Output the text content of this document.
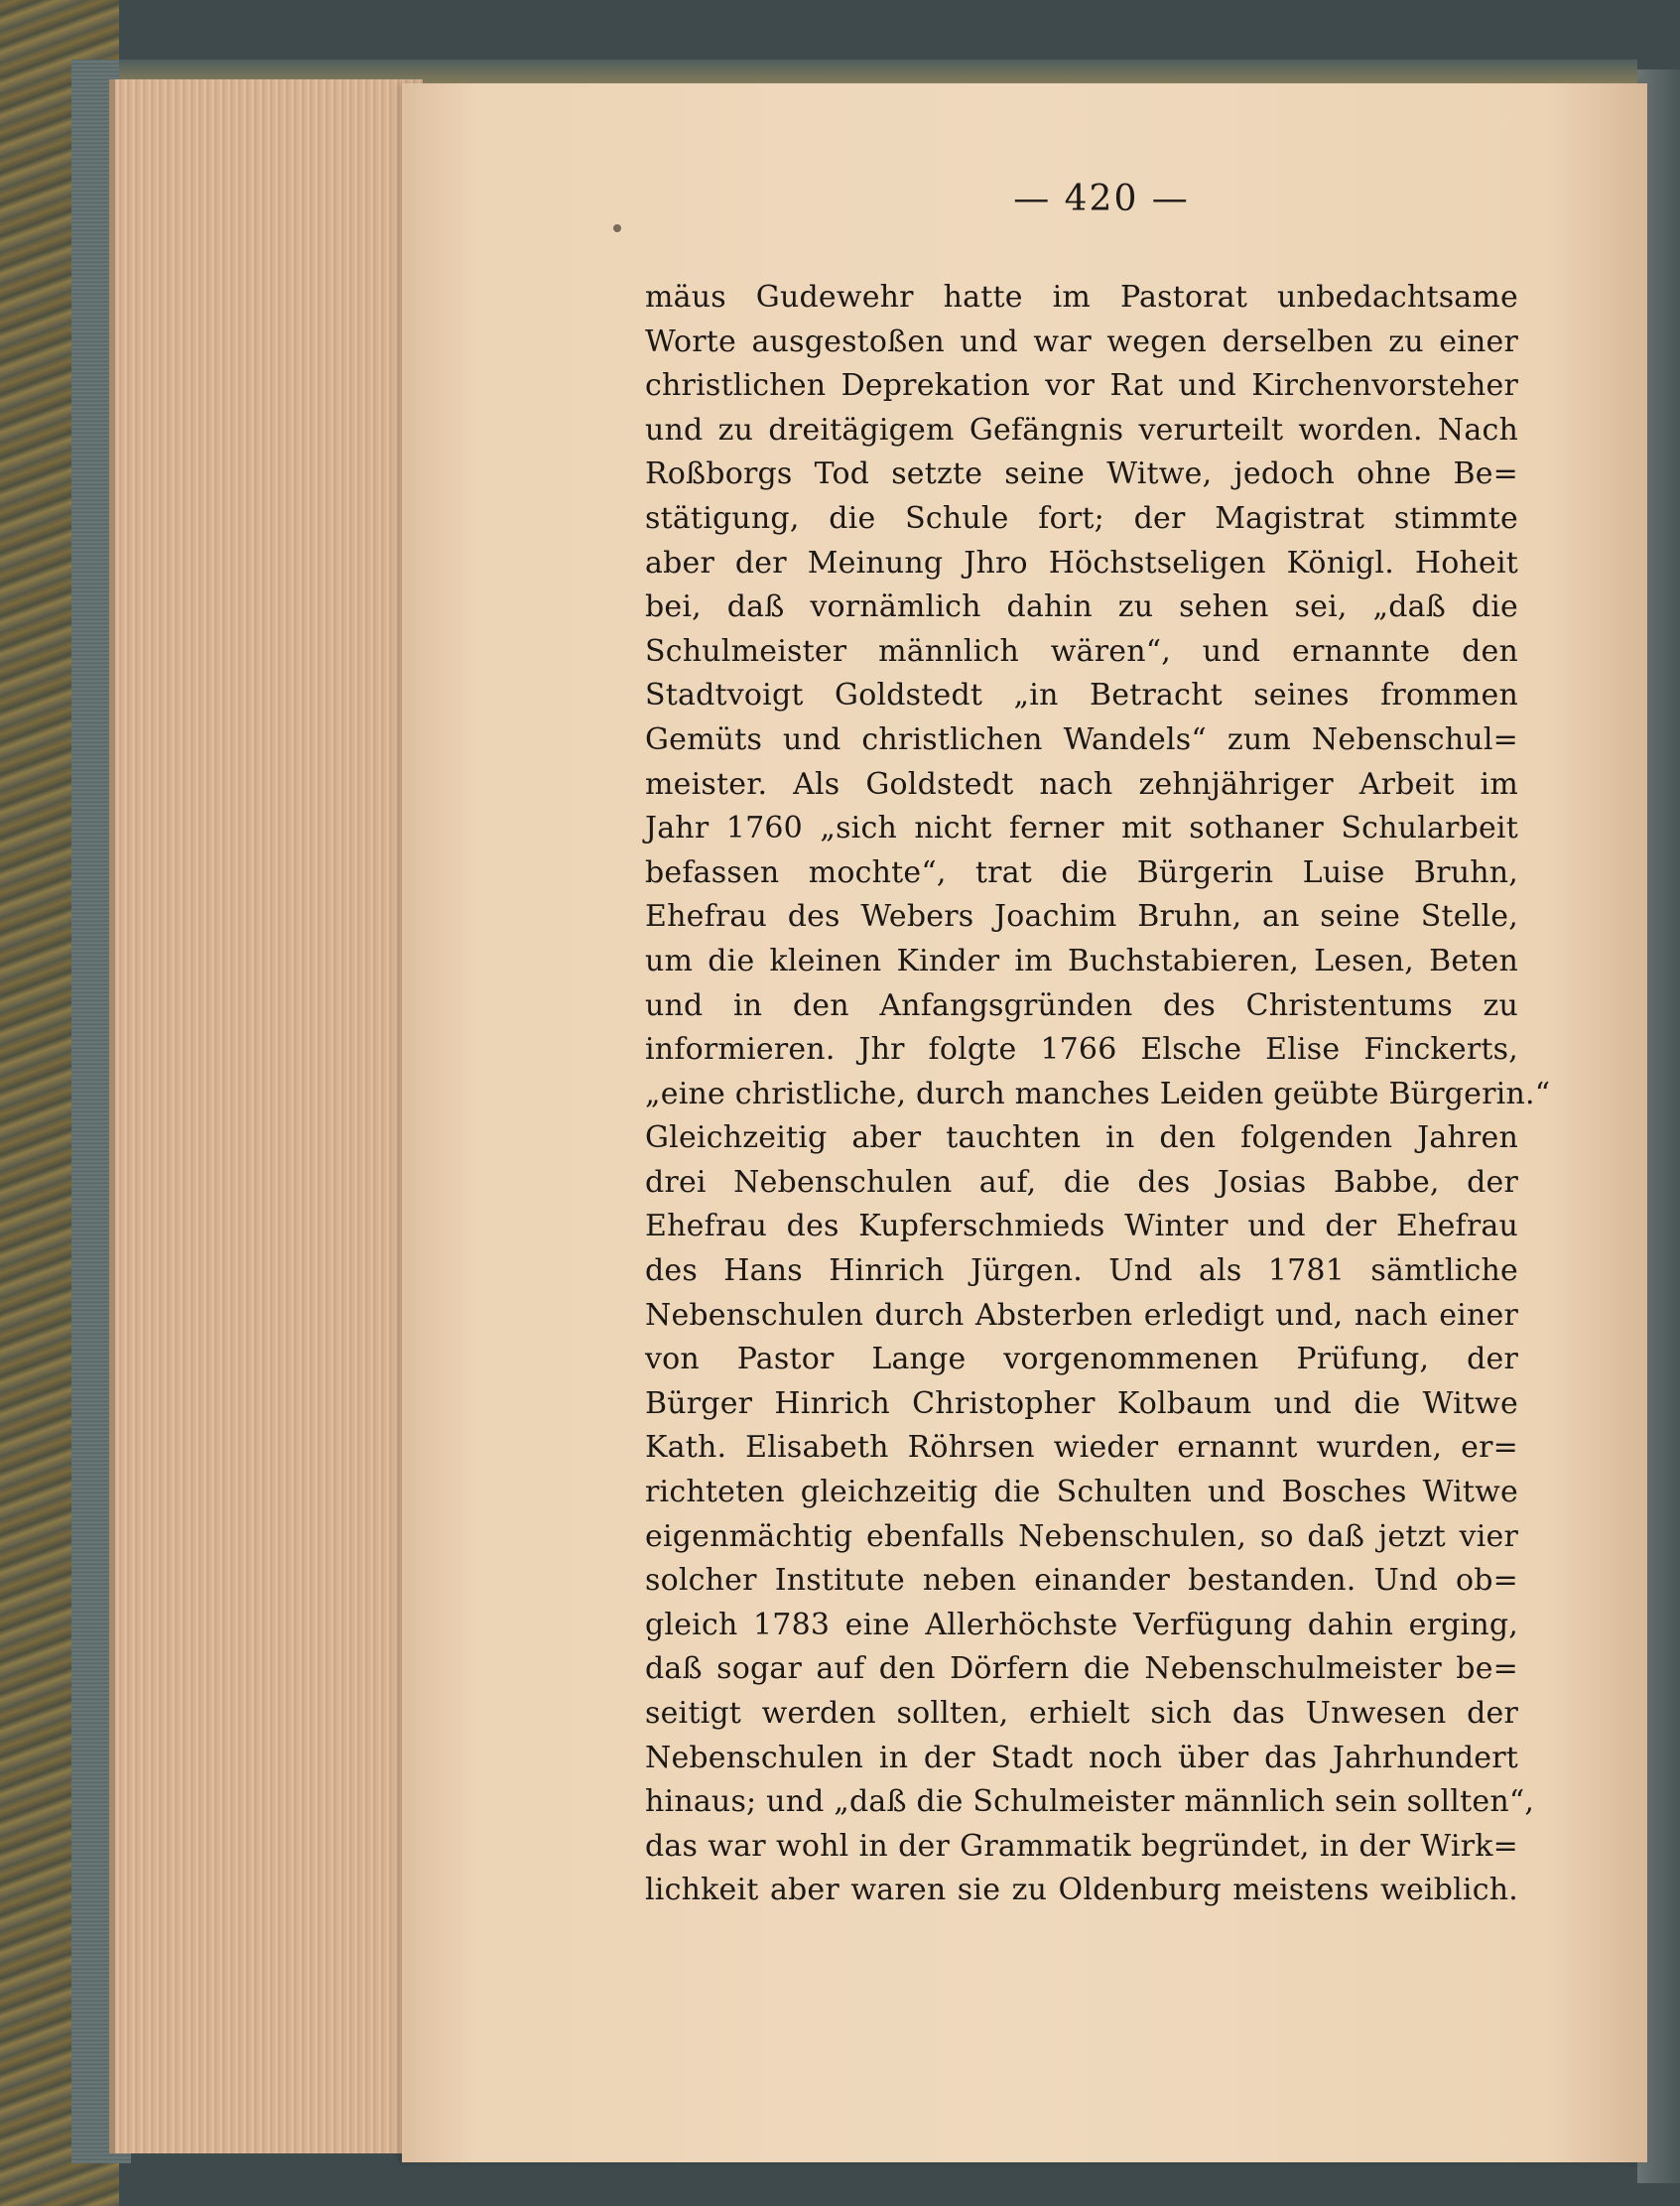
— 420 —
mäus Gudewehr hatte im Pastorat unbedachtsame
Worte ausgestoßen und war wegen derselben zu einer
christlichen Deprekation vor Rat und Kirchenvorsteher
und zu dreitägigem Gefängnis verurteilt worden. Nach
Roßborgs Tod setzte seine Witwe, jedoch ohne Be=
stätigung, die Schule fort; der Magistrat stimmte
aber der Meinung Jhro Höchstseligen Königl. Hoheit
bei, daß vornämlich dahin zu sehen sei, „daß die
Schulmeister männlich wären“, und ernannte den
Stadtvoigt Goldstedt „in Betracht seines frommen
Gemüts und christlichen Wandels“ zum Nebenschul=
meister. Als Goldstedt nach zehnjähriger Arbeit im
Jahr 1760 „sich nicht ferner mit sothaner Schularbeit
befassen mochte“, trat die Bürgerin Luise Bruhn,
Ehefrau des Webers Joachim Bruhn, an seine Stelle,
um die kleinen Kinder im Buchstabieren, Lesen, Beten
und in den Anfangsgründen des Christentums zu
informieren. Jhr folgte 1766 Elsche Elise Finckerts,
„eine christliche, durch manches Leiden geübte Bürgerin.“
Gleichzeitig aber tauchten in den folgenden Jahren
drei Nebenschulen auf, die des Josias Babbe, der
Ehefrau des Kupferschmieds Winter und der Ehefrau
des Hans Hinrich Jürgen. Und als 1781 sämtliche
Nebenschulen durch Absterben erledigt und, nach einer
von Pastor Lange vorgenommenen Prüfung, der
Bürger Hinrich Christopher Kolbaum und die Witwe
Kath. Elisabeth Röhrsen wieder ernannt wurden, er=
richteten gleichzeitig die Schulten und Bosches Witwe
eigenmächtig ebenfalls Nebenschulen, so daß jetzt vier
solcher Institute neben einander bestanden. Und ob=
gleich 1783 eine Allerhöchste Verfügung dahin erging,
daß sogar auf den Dörfern die Nebenschulmeister be=
seitigt werden sollten, erhielt sich das Unwesen der
Nebenschulen in der Stadt noch über das Jahrhundert
hinaus; und „daß die Schulmeister männlich sein sollten“,
das war wohl in der Grammatik begründet, in der Wirk=
lichkeit aber waren sie zu Oldenburg meistens weiblich.
